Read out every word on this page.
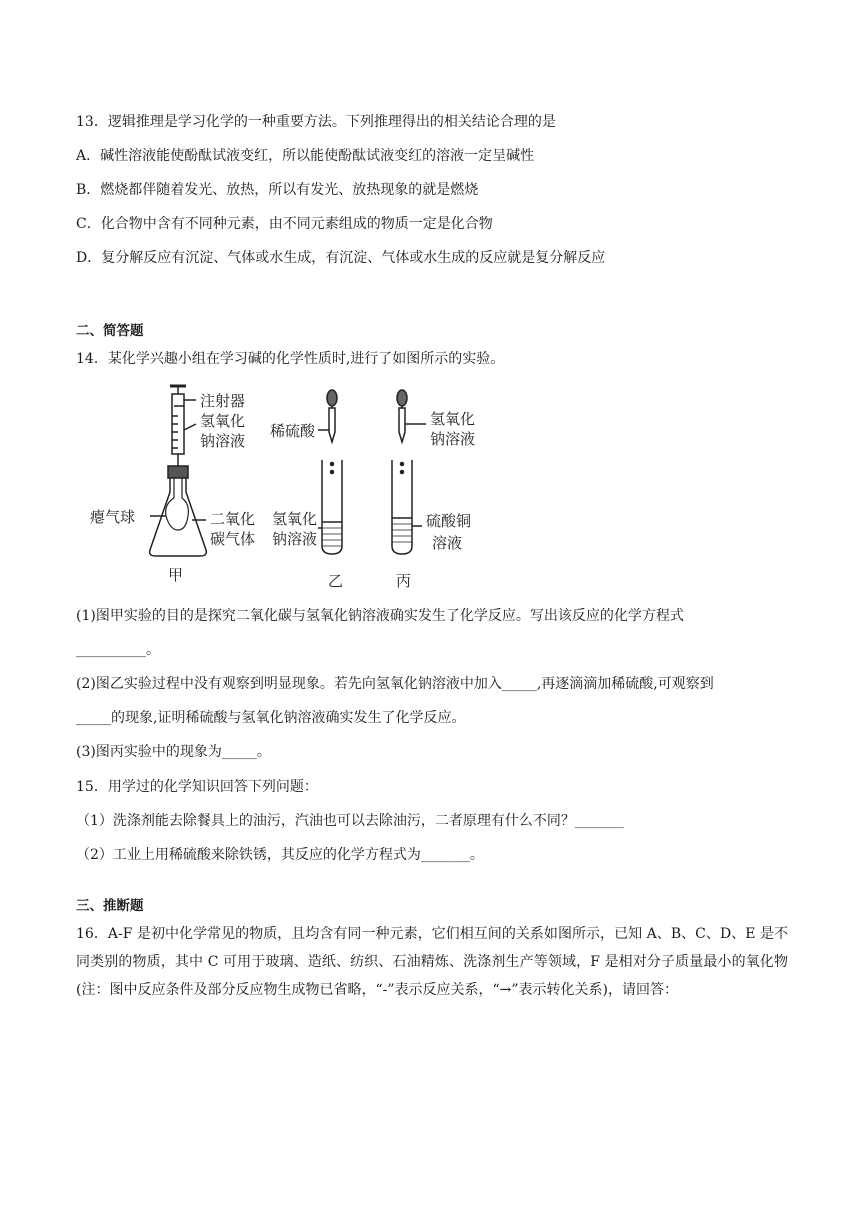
13．逻辑推理是学习化学的一种重要方法。下列推理得出的相关结论合理的是
A．碱性溶液能使酚酞试液变红，所以能使酚酞试液变红的溶液一定呈碱性
B．燃烧都伴随着发光、放热，所以有发光、放热现象的就是燃烧
C．化合物中含有不同种元素，由不同元素组成的物质一定是化合物
D．复分解反应有沉淀、气体或水生成，有沉淀、气体或水生成的反应就是复分解反应
二、简答题
14．某化学兴趣小组在学习碱的化学性质时,进行了如图所示的实验。
注射器
氢氧化
钠溶液
瘪气球	二氧化
碳气体
甲
稀硫酸
氢氧化
钠溶液
乙
氢氧化
钠溶液
硫酸铜
溶液
丙
(1)图甲实验的目的是探究二氧化碳与氢氧化钠溶液确实发生了化学反应。写出该反应的化学方程式
__________。
(2)图乙实验过程中没有观察到明显现象。若先向氢氧化钠溶液中加入_____,再逐滴滴加稀硫酸,可观察到
_____的现象,证明稀硫酸与氢氧化钠溶液确实发生了化学反应。
(3)图丙实验中的现象为_____。
15．用学过的化学知识回答下列问题：
（1）洗涤剂能去除餐具上的油污，汽油也可以去除油污，二者原理有什么不同？_______
（2）工业上用稀硫酸来除铁锈，其反应的化学方程式为_______。
三、推断题
16．A-F 是初中化学常见的物质，且均含有同一种元素，它们相互间的关系如图所示，已知 A、B、C、D、E 是不同类别的物质，其中 C 可用于玻璃、造纸、纺织、石油精炼、洗涤剂生产等领域，F 是相对分子质量最小的氧化物(注：图中反应条件及部分反应物生成物已省略，“-”表示反应关系，“→”表示转化关系)，请回答：
